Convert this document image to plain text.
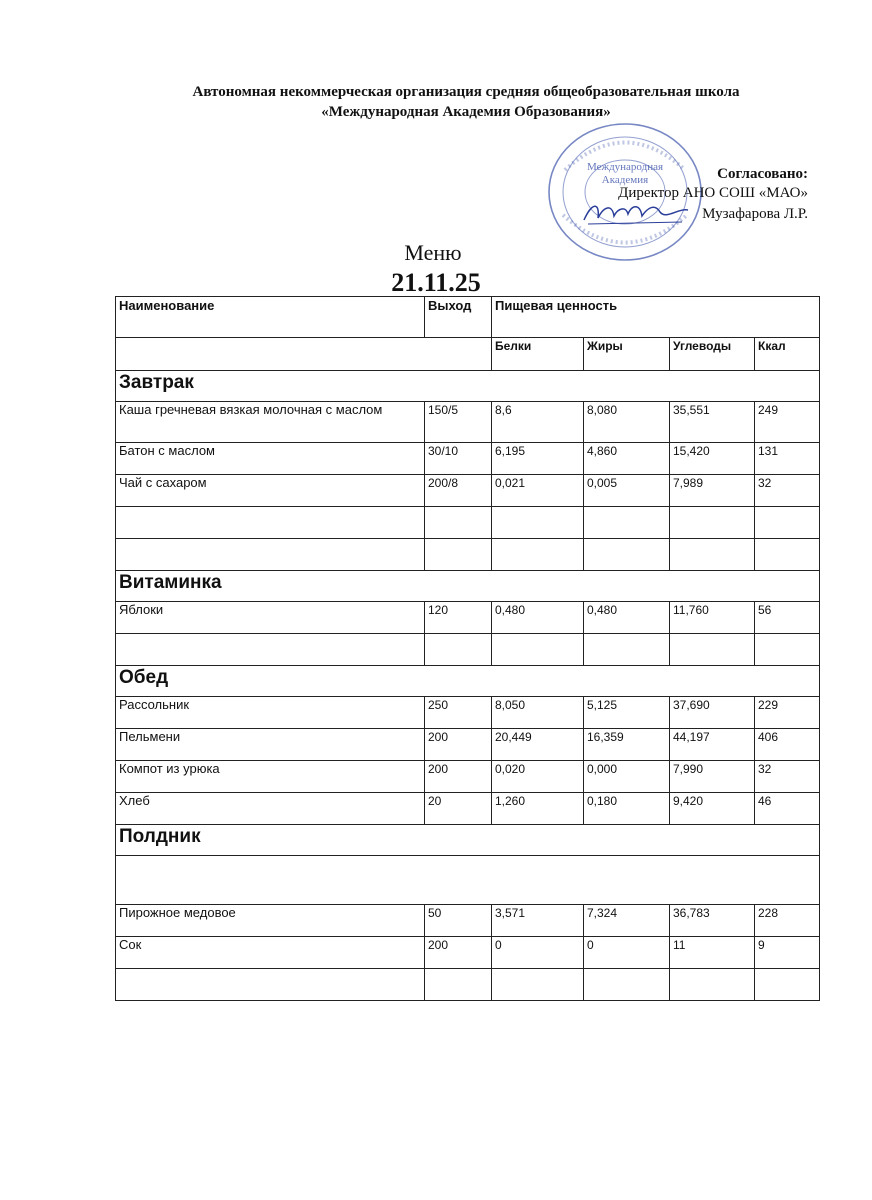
Автономная некоммерческая организация средняя общеобразовательная школа
«Международная Академия Образования»
Международная
Академия	Согласовано:
Директор АНО СОШ «МАО»
Музафарова Л.Р.
Меню
21.11.25
Наименование	Выход	Пищевая ценность			
		Белки	Жиры	Углеводы	Ккал
Завтрак					
Каша гречневая вязкая молочная с маслом	150/5	8,6	8,080	35,551	249
Батон с маслом	30/10	6,195	4,860	15,420	131
Чай с сахаром	200/8	0,021	0,005	7,989	32

Витаминка					
Яблоки	120	0,480	0,480	11,760	56

Обед					
Рассольник	250	8,050	5,125	37,690	229
Пельмени	200	20,449	16,359	44,197	406
Компот из урюка	200	0,020	0,000	7,990	32
Хлеб	20	1,260	0,180	9,420	46
Полдник					

Пирожное медовое	50	3,571	7,324	36,783	228
Сок	200	0	0	11	9
